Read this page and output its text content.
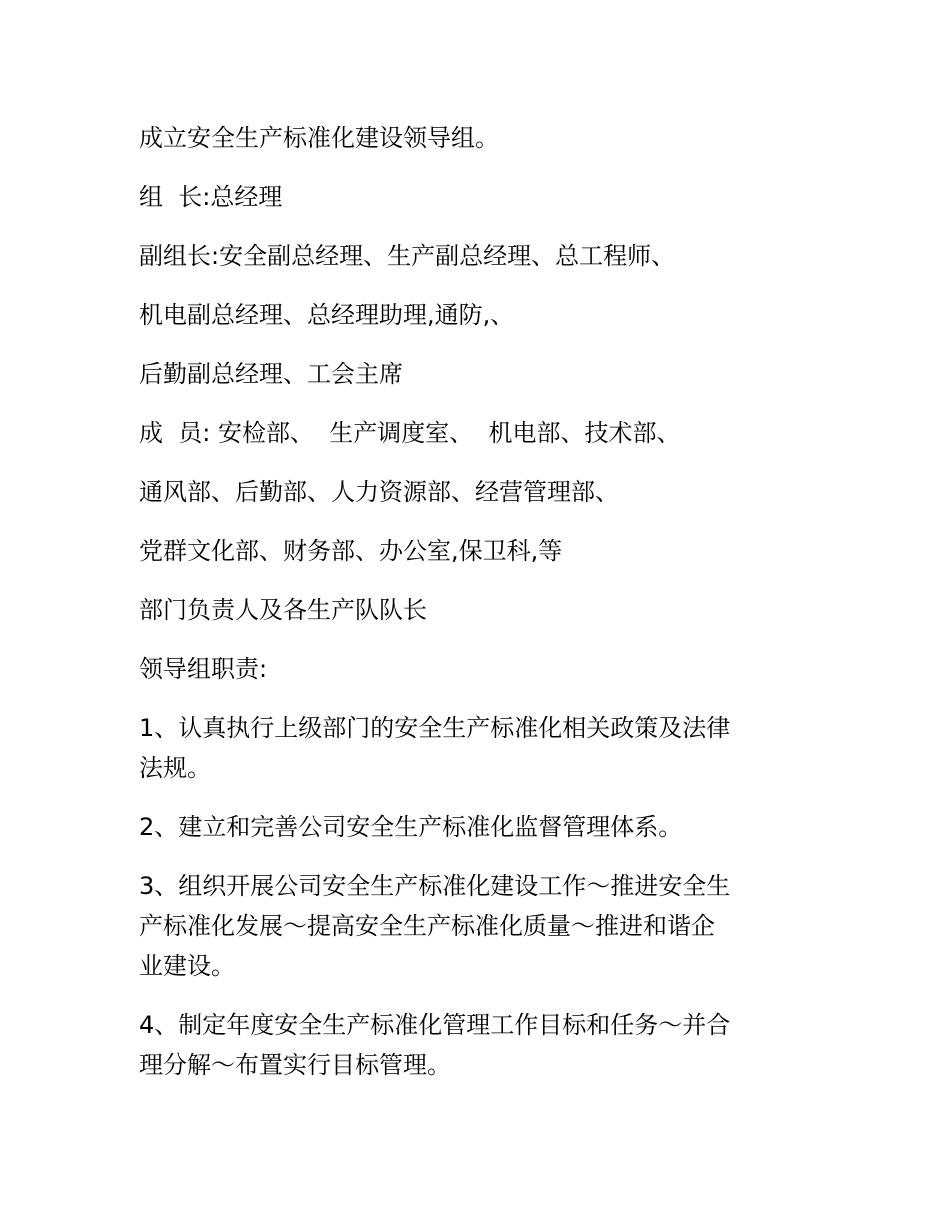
成立安全生产标准化建设领导组。
组  长:总经理
副组长:安全副总经理、生产副总经理、总工程师、
机电副总经理、总经理助理,通防,、
后勤副总经理、工会主席
成  员: 安检部、  生产调度室、  机电部、技术部、
通风部、后勤部、人力资源部、经营管理部、
党群文化部、财务部、办公室,保卫科,等
部门负责人及各生产队队长
领导组职责:
1、认真执行上级部门的安全生产标准化相关政策及法律
法规。
2、建立和完善公司安全生产标准化监督管理体系。
3、组织开展公司安全生产标准化建设工作～推进安全生
产标准化发展～提高安全生产标准化质量～推进和谐企
业建设。
4、制定年度安全生产标准化管理工作目标和任务～并合
理分解～布置实行目标管理。
